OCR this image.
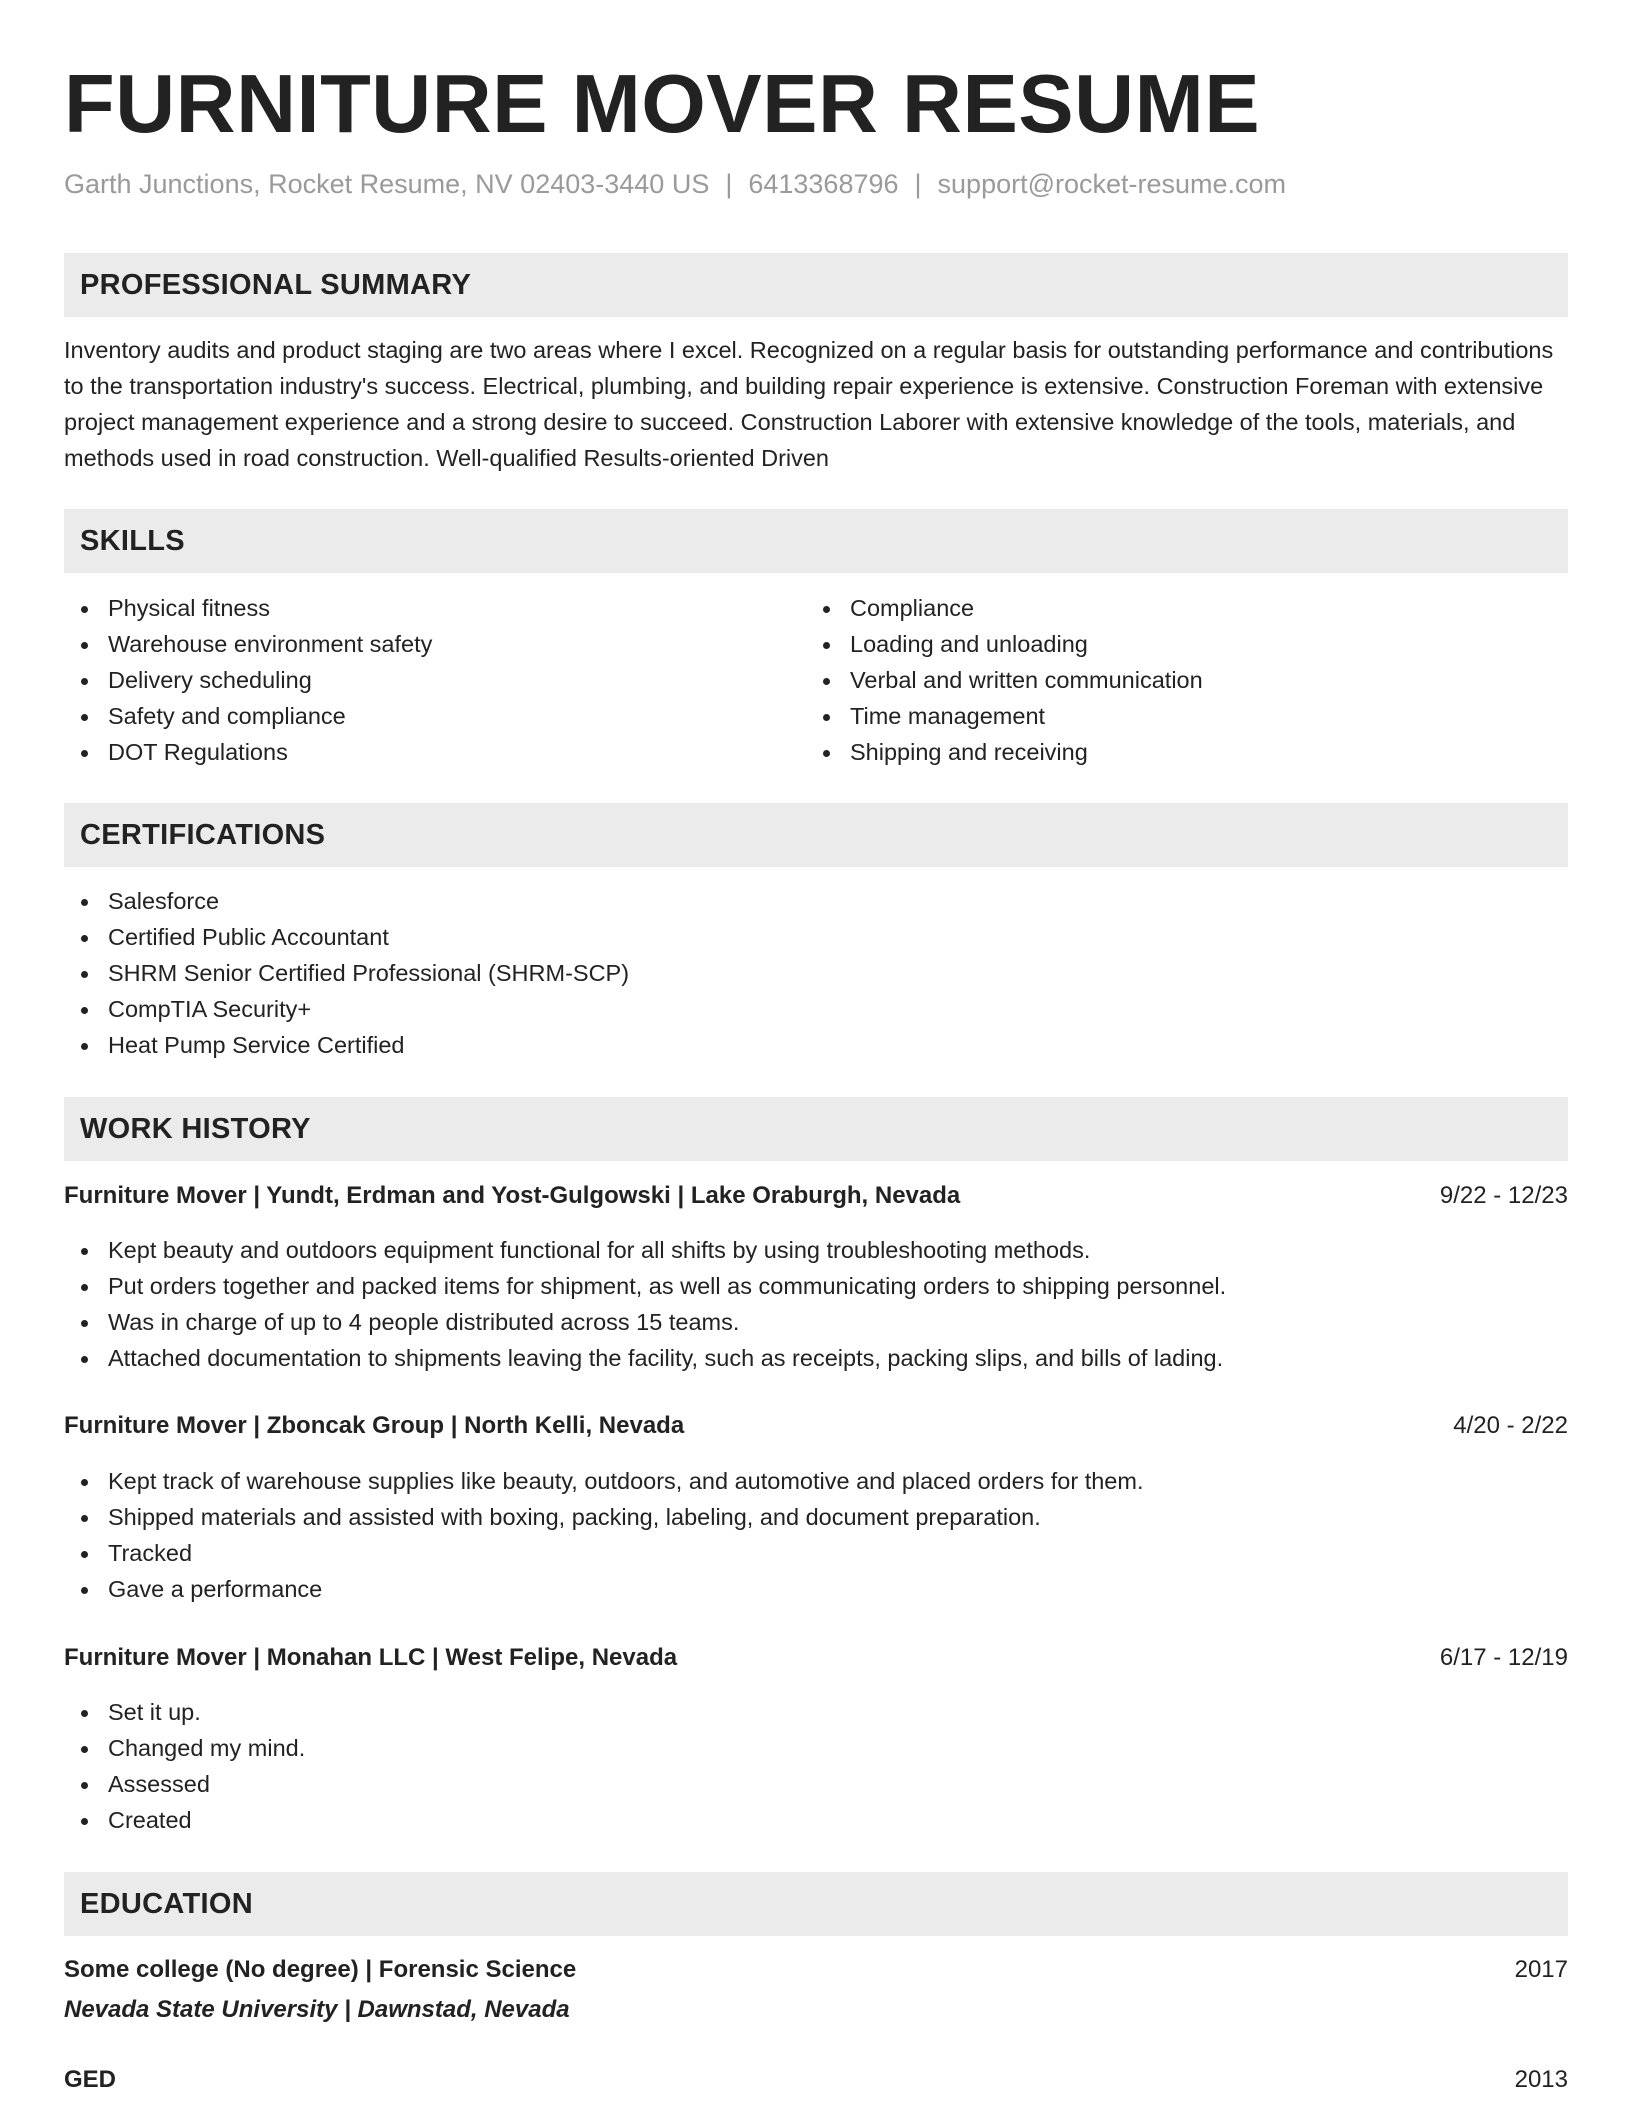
FURNITURE MOVER RESUME
Garth Junctions, Rocket Resume, NV 02403-3440 US | 6413368796 | support@rocket-resume.com
PROFESSIONAL SUMMARY
Inventory audits and product staging are two areas where I excel. Recognized on a regular basis for outstanding performance and contributions to the transportation industry's success. Electrical, plumbing, and building repair experience is extensive. Construction Foreman with extensive project management experience and a strong desire to succeed. Construction Laborer with extensive knowledge of the tools, materials, and methods used in road construction. Well-qualified Results-oriented Driven
SKILLS
Physical fitness
Warehouse environment safety
Delivery scheduling
Safety and compliance
DOT Regulations
Compliance
Loading and unloading
Verbal and written communication
Time management
Shipping and receiving
CERTIFICATIONS
Salesforce
Certified Public Accountant
SHRM Senior Certified Professional (SHRM-SCP)
CompTIA Security+
Heat Pump Service Certified
WORK HISTORY
Furniture Mover | Yundt, Erdman and Yost-Gulgowski | Lake Oraburgh, Nevada	9/22 - 12/23
Kept beauty and outdoors equipment functional for all shifts by using troubleshooting methods.
Put orders together and packed items for shipment, as well as communicating orders to shipping personnel.
Was in charge of up to 4 people distributed across 15 teams.
Attached documentation to shipments leaving the facility, such as receipts, packing slips, and bills of lading.
Furniture Mover | Zboncak Group | North Kelli, Nevada	4/20 - 2/22
Kept track of warehouse supplies like beauty, outdoors, and automotive and placed orders for them.
Shipped materials and assisted with boxing, packing, labeling, and document preparation.
Tracked
Gave a performance
Furniture Mover | Monahan LLC | West Felipe, Nevada	6/17 - 12/19
Set it up.
Changed my mind.
Assessed
Created
EDUCATION
Some college (No degree) | Forensic Science	2017
Nevada State University | Dawnstad, Nevada
GED	2013
